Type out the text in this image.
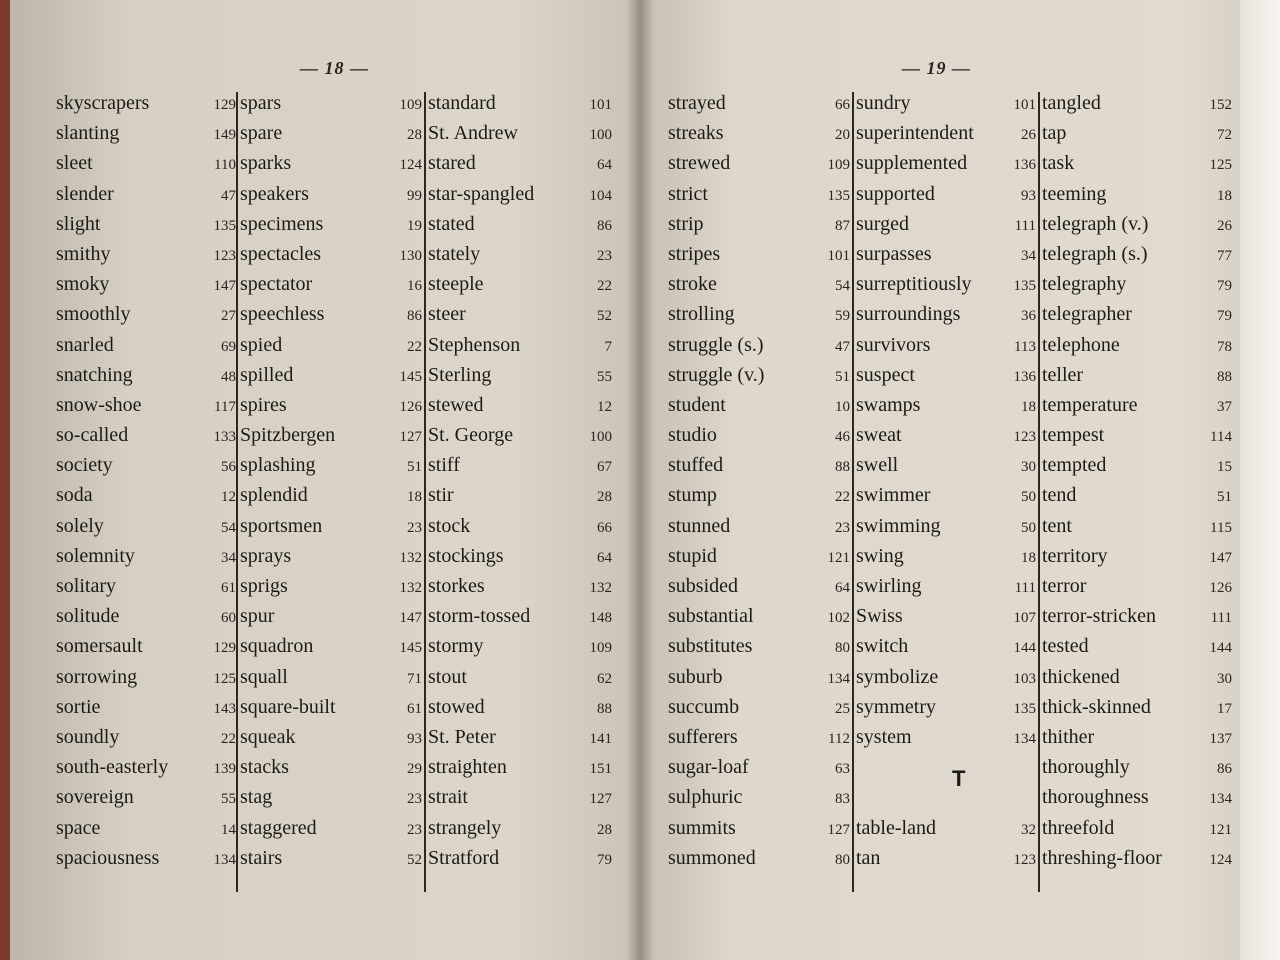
— 18 —
skyscrapers	129
slanting	149
sleet	110
slender	47
slight	135
smithy	123
smoky	147
smoothly	27
snarled	69
snatching	48
snow-shoe	117
so-called	133
society	56
soda	12
solely	54
solemnity	34
solitary	61
solitude	60
somersault	129
sorrowing	125
sortie	143
soundly	22
south-easterly	139
sovereign	55
space	14
spaciousness	134
spars	109
spare	28
sparks	124
speakers	99
specimens	19
spectacles	130
spectator	16
speechless	86
spied	22
spilled	145
spires	126
Spitzbergen	127
splashing	51
splendid	18
sportsmen	23
sprays	132
sprigs	132
spur	147
squadron	145
squall	71
square-built	61
squeak	93
stacks	29
stag	23
staggered	23
stairs	52
standard	101
St. Andrew	100
stared	64
star-spangled	104
stated	86
stately	23
steeple	22
steer	52
Stephenson	7
Sterling	55
stewed	12
St. George	100
stiff	67
stir	28
stock	66
stockings	64
storkes	132
storm-tossed	148
stormy	109
stout	62
stowed	88
St. Peter	141
straighten	151
strait	127
strangely	28
Stratford	79
— 19 —
strayed	66
streaks	20
strewed	109
strict	135
strip	87
stripes	101
stroke	54
strolling	59
struggle (s.)	47
struggle (v.)	51
student	10
studio	46
stuffed	88
stump	22
stunned	23
stupid	121
subsided	64
substantial	102
substitutes	80
suburb	134
succumb	25
sufferers	112
sugar-loaf	63
sulphuric	83
summits	127
summoned	80
sundry	101
superintendent	26
supplemented	136
supported	93
surged	111
surpasses	34
surreptitiously	135
surroundings	36
survivors	113
suspect	136
swamps	18
sweat	123
swell	30
swimmer	50
swimming	50
swing	18
swirling	111
Swiss	107
switch	144
symbolize	103
symmetry	135
system	134
table-land	32
tan	123
tangled	152
tap	72
task	125
teeming	18
telegraph (v.)	26
telegraph (s.)	77
telegraphy	79
telegrapher	79
telephone	78
teller	88
temperature	37
tempest	114
tempted	15
tend	51
tent	115
territory	147
terror	126
terror-stricken	111
tested	144
thickened	30
thick-skinned	17
thither	137
thoroughly	86
thoroughness	134
threefold	121
threshing-floor	124
T
